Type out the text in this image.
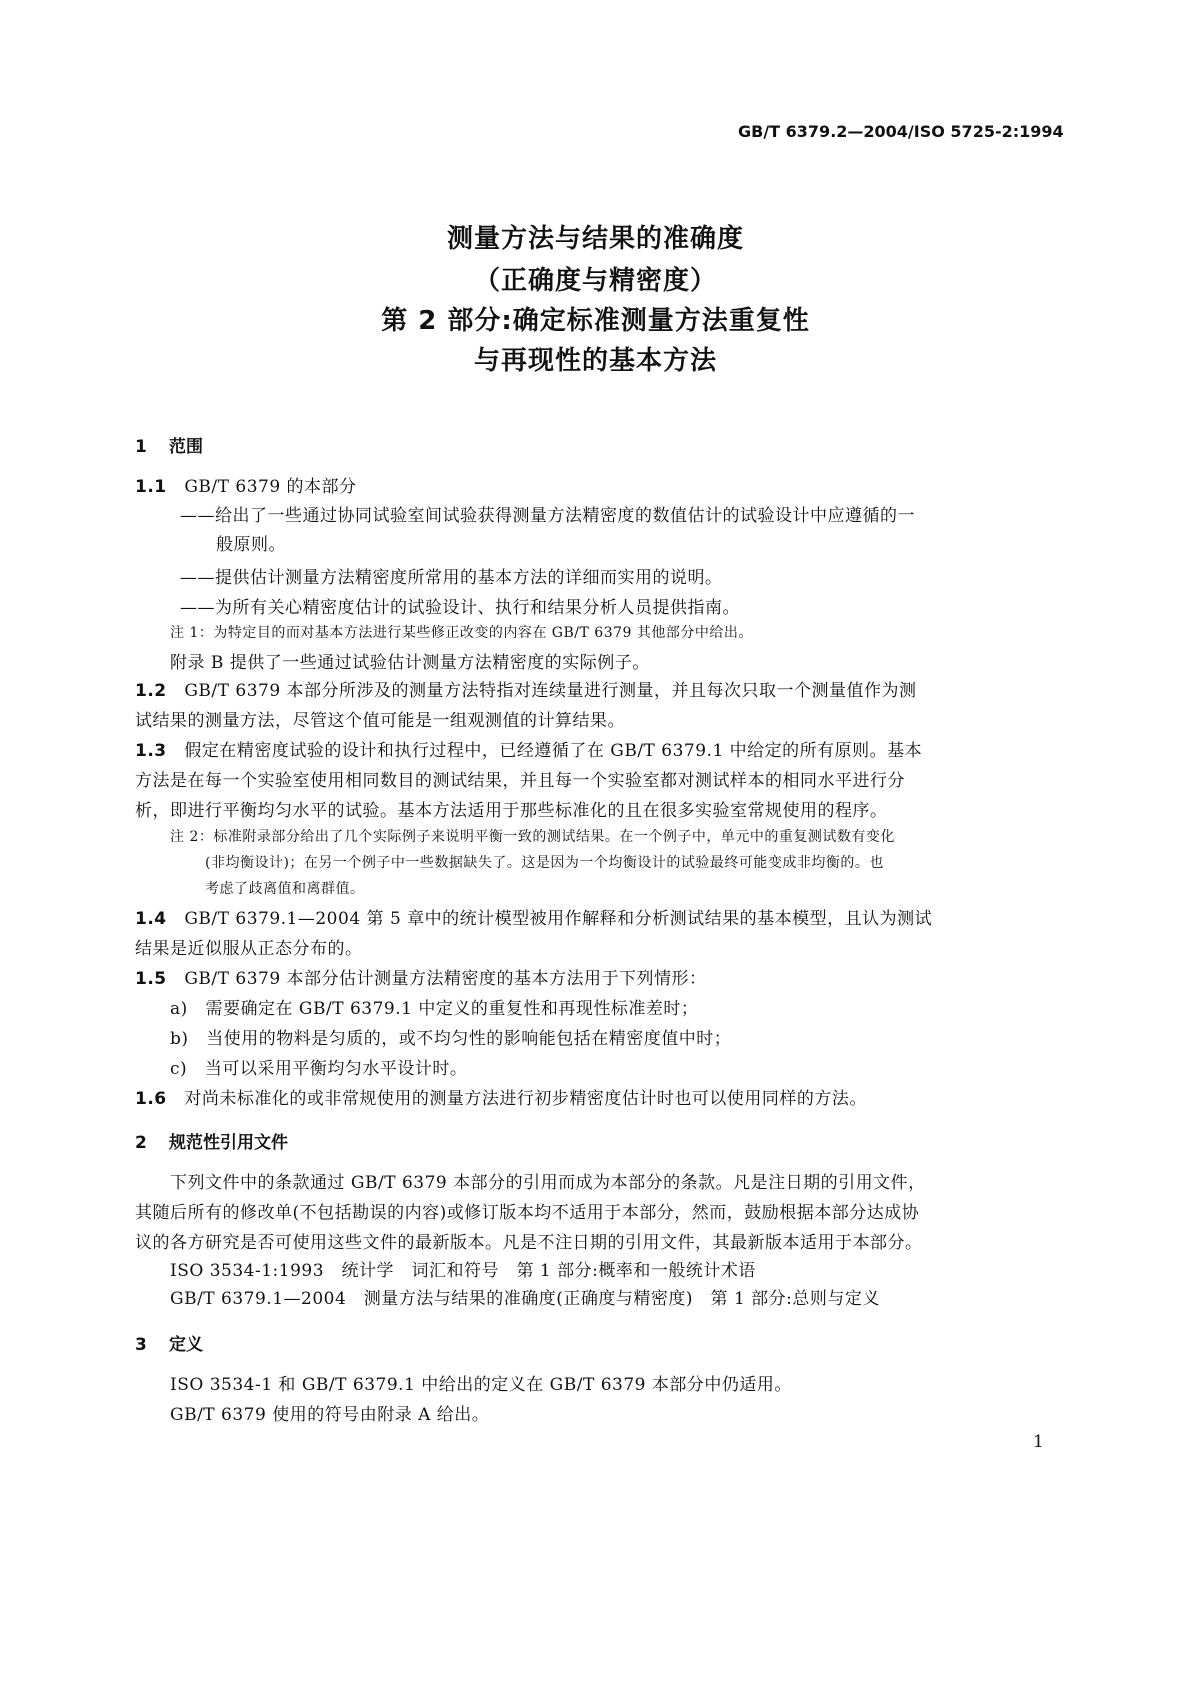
GB/T 6379.2—2004/ISO 5725-2:1994
测量方法与结果的准确度
（正确度与精密度）
第 2 部分:确定标准测量方法重复性
与再现性的基本方法
1 范围
1.1 GB/T 6379 的本部分
——给出了一些通过协同试验室间试验获得测量方法精密度的数值估计的试验设计中应遵循的一
般原则。
——提供估计测量方法精密度所常用的基本方法的详细而实用的说明。
——为所有关心精密度估计的试验设计、执行和结果分析人员提供指南。
注 1：为特定目的而对基本方法进行某些修正改变的内容在 GB/T 6379 其他部分中给出。
附录 B 提供了一些通过试验估计测量方法精密度的实际例子。
1.2 GB/T 6379 本部分所涉及的测量方法特指对连续量进行测量，并且每次只取一个测量值作为测
试结果的测量方法，尽管这个值可能是一组观测值的计算结果。
1.3 假定在精密度试验的设计和执行过程中，已经遵循了在 GB/T 6379.1 中给定的所有原则。基本
方法是在每一个实验室使用相同数目的测试结果，并且每一个实验室都对测试样本的相同水平进行分
析，即进行平衡均匀水平的试验。基本方法适用于那些标准化的且在很多实验室常规使用的程序。
注 2：标准附录部分给出了几个实际例子来说明平衡一致的测试结果。在一个例子中，单元中的重复测试数有变化
(非均衡设计)；在另一个例子中一些数据缺失了。这是因为一个均衡设计的试验最终可能变成非均衡的。也
考虑了歧离值和离群值。
1.4 GB/T 6379.1—2004 第 5 章中的统计模型被用作解释和分析测试结果的基本模型，且认为测试
结果是近似服从正态分布的。
1.5 GB/T 6379 本部分估计测量方法精密度的基本方法用于下列情形：
a) 需要确定在 GB/T 6379.1 中定义的重复性和再现性标准差时；
b) 当使用的物料是匀质的，或不均匀性的影响能包括在精密度值中时；
c) 当可以采用平衡均匀水平设计时。
1.6 对尚未标准化的或非常规使用的测量方法进行初步精密度估计时也可以使用同样的方法。
2 规范性引用文件
下列文件中的条款通过 GB/T 6379 本部分的引用而成为本部分的条款。凡是注日期的引用文件，
其随后所有的修改单(不包括勘误的内容)或修订版本均不适用于本部分，然而，鼓励根据本部分达成协
议的各方研究是否可使用这些文件的最新版本。凡是不注日期的引用文件，其最新版本适用于本部分。
ISO 3534-1:1993　统计学　词汇和符号　第 1 部分:概率和一般统计术语
GB/T 6379.1—2004　测量方法与结果的准确度(正确度与精密度)　第 1 部分:总则与定义
3 定义
ISO 3534-1 和 GB/T 6379.1 中给出的定义在 GB/T 6379 本部分中仍适用。
GB/T 6379 使用的符号由附录 A 给出。
1
